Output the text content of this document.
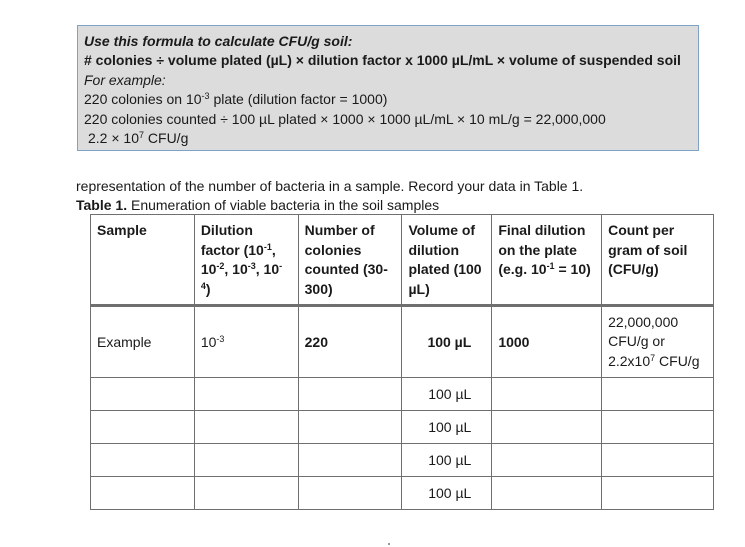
Use this formula to calculate CFU/g soil:
# colonies ÷ volume plated (µL) × dilution factor x 1000 µL/mL × volume of suspended soil
For example:
220 colonies on $10^{-3}$ plate (dilution factor = 1000)
220 colonies counted ÷ 100 µL plated × 1000 × 1000 µL/mL × 10 mL/g = 22,000,000
$2.2 \times 10^7$ CFU/g
representation of the number of bacteria in a sample. Record your data in Table 1.
Table 1. Enumeration of viable bacteria in the soil samples
Sample	Dilution factor ($10^{-1}$, $10^{-2}$, $10^{-3}$, $10^{-4}$)	Number of colonies counted (30-300)	Volume of dilution plated (100 µL)	Final dilution on the plate (e.g. $10^{-1} = 10$)	Count per gram of soil (CFU/g)
Example	$10^{-3}$	220	100 µL	1000	22,000,000
CFU/g or
$2.2x10^7$ CFU/g

			100 µL		
			100 µL		
			100 µL		
			100 µL		
